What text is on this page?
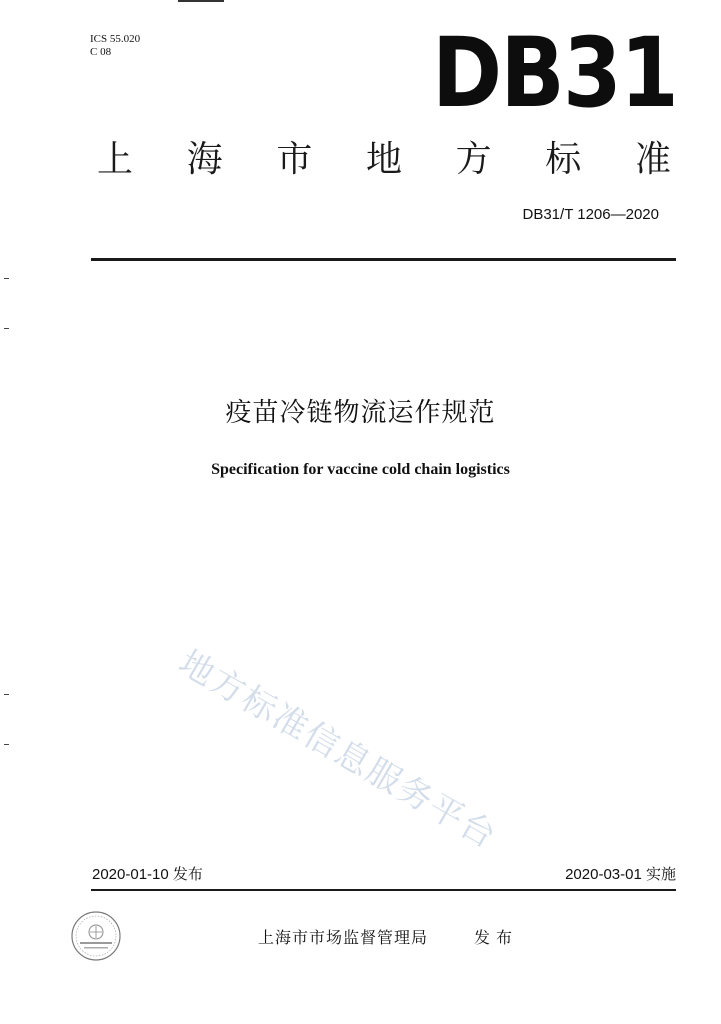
ICS 55.020
C 08	DB31
上 海 市 地 方 标 准
DB31/T 1206—2020
疫苗冷链物流运作规范
Specification for vaccine cold chain logistics
地方标准信息服务平台
2020-01-10 发布	2020-03-01 实施
上海市市场监督管理局	发布
